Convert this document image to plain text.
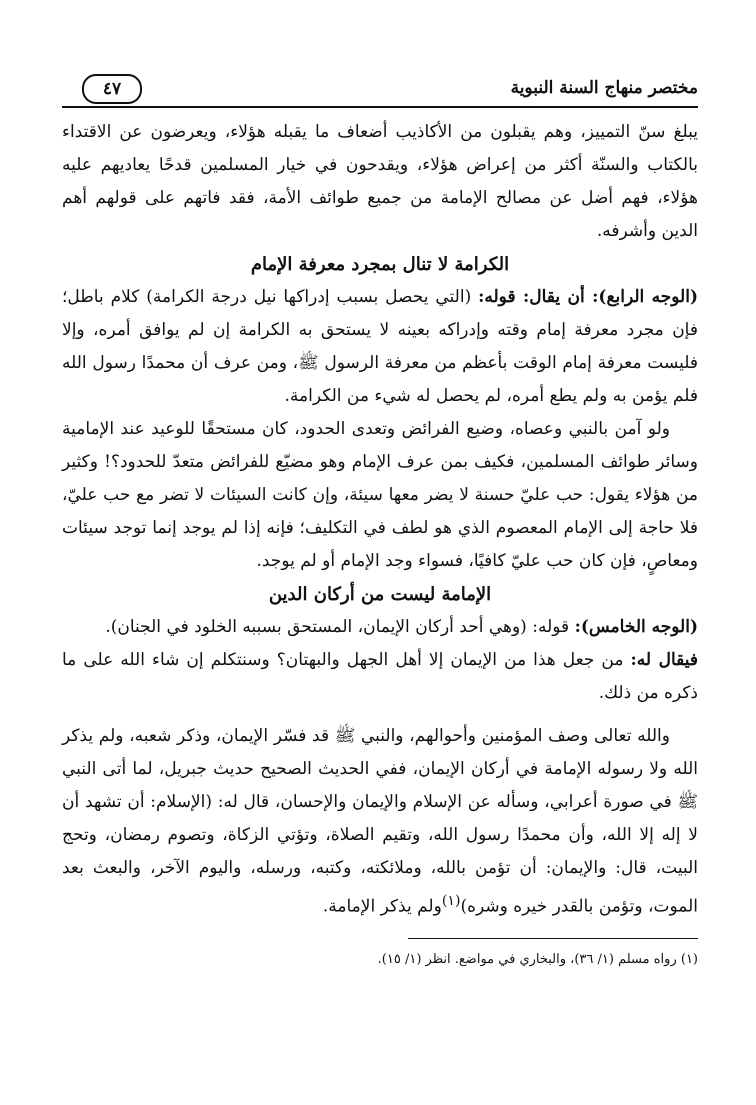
مختصر منهاج السنة النبوية
٤٧

يبلغ سنّ التمييز، وهم يقبلون من الأكاذيب أضعاف ما يقبله هؤلاء، ويعرضون عن الاقتداء بالكتاب والسنّة أكثر من إعراض هؤلاء، ويقدحون في خيار المسلمين قدحًا يعاديهم عليه هؤلاء، فهم أضل عن مصالح الإمامة من جميع طوائف الأمة، فقد فاتهم على قولهم أهم الدين وأشرفه.

الكرامة لا تنال بمجرد معرفة الإمام

(الوجه الرابع): أن يقال: قوله: (التي يحصل بسبب إدراكها نيل درجة الكرامة) كلام باطل؛ فإن مجرد معرفة إمام وقته وإدراكه بعينه لا يستحق به الكرامة إن لم يوافق أمره، وإلا فليست معرفة إمام الوقت بأعظم من معرفة الرسول ﷺ، ومن عرف أن محمدًا رسول الله فلم يؤمن به ولم يطع أمره، لم يحصل له شيء من الكرامة.

ولو آمن بالنبي وعصاه، وضيع الفرائض وتعدى الحدود، كان مستحقًا للوعيد عند الإمامية وسائر طوائف المسلمين، فكيف بمن عرف الإمام وهو مضيّع للفرائض متعدّ للحدود؟! وكثير من هؤلاء يقول: حب عليّ حسنة لا يضر معها سيئة، وإن كانت السيئات لا تضر مع حب عليّ، فلا حاجة إلى الإمام المعصوم الذي هو لطف في التكليف؛ فإنه إذا لم يوجد إنما توجد سيئات ومعاصٍ، فإن كان حب عليّ كافيًا، فسواء وجد الإمام أو لم يوجد.

الإمامة ليست من أركان الدين

(الوجه الخامس): قوله: (وهي أحد أركان الإيمان، المستحق بسببه الخلود في الجنان).

فيقال له: من جعل هذا من الإيمان إلا أهل الجهل والبهتان؟ وسنتكلم إن شاء الله على ما ذكره من ذلك.

والله تعالى وصف المؤمنين وأحوالهم، والنبي ﷺ قد فسّر الإيمان، وذكر شعبه، ولم يذكر الله ولا رسوله الإمامة في أركان الإيمان، ففي الحديث الصحيح حديث جبريل، لما أتى النبي ﷺ في صورة أعرابي، وسأله عن الإسلام والإيمان والإحسان، قال له: (الإسلام: أن تشهد أن لا إله إلا الله، وأن محمدًا رسول الله، وتقيم الصلاة، وتؤتي الزكاة، وتصوم رمضان، وتحج البيت، قال: والإيمان: أن تؤمن بالله، وملائكته، وكتبه، ورسله، واليوم الآخر، والبعث بعد الموت، وتؤمن بالقدر خيره وشره)$^{(١)}$ولم يذكر الإمامة.

(١) رواه مسلم (١/ ٣٦)، والبخاري في مواضع. انظر (١/ ١٥).
